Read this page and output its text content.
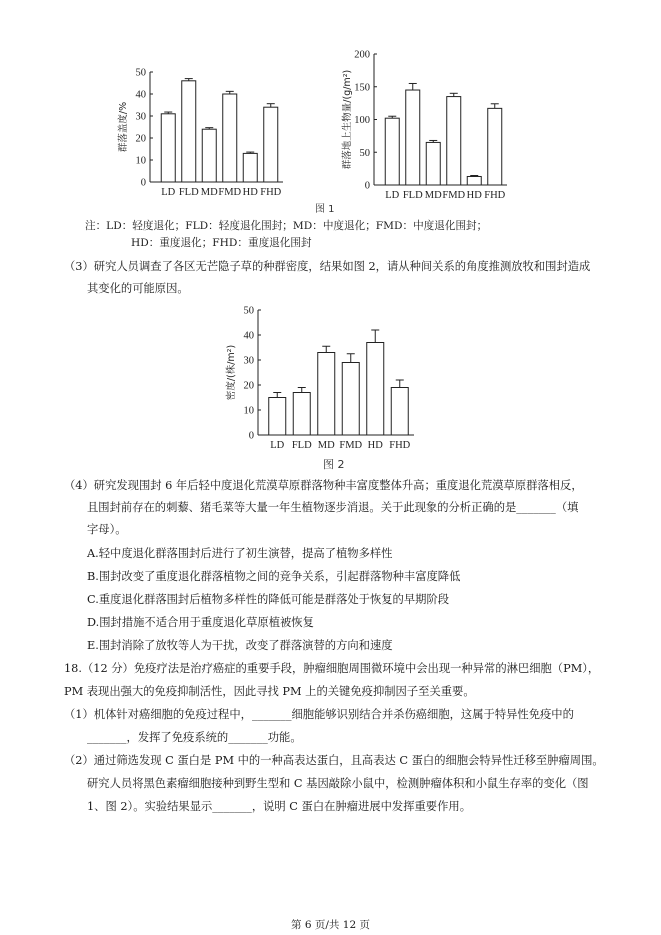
0
10
20
30
40
50
LD FLD MD FMD HD FHD
群落盖度/%
0
50
100
150
200
LD FLD MD FMD HD FHD
群落地上生物量/(g/m²)
图 1
注：LD：轻度退化；FLD：轻度退化围封；MD：中度退化；FMD：中度退化围封；
HD：重度退化；FHD：重度退化围封
（3）研究人员调查了各区无芒隐子草的种群密度，结果如图 2，请从种间关系的角度推测放牧和围封造成
其变化的可能原因。
0
10
20
30
40
50
LD FLD MD FMD HD FHD
密度/(株/m²)
图 2
（4）研究发现围封 6 年后轻中度退化荒漠草原群落物种丰富度整体升高；重度退化荒漠草原群落相反，
且围封前存在的刺藜、猪毛菜等大量一年生植物逐步消退。关于此现象的分析正确的是_______（填
字母）。
A.轻中度退化群落围封后进行了初生演替，提高了植物多样性
B.围封改变了重度退化群落植物之间的竞争关系，引起群落物种丰富度降低
C.重度退化群落围封后植物多样性的降低可能是群落处于恢复的早期阶段
D.围封措施不适合用于重度退化草原植被恢复
E.围封消除了放牧等人为干扰，改变了群落演替的方向和速度
18.（12 分）免疫疗法是治疗癌症的重要手段，肿瘤细胞周围微环境中会出现一种异常的淋巴细胞（PM），
PM 表现出强大的免疫抑制活性，因此寻找 PM 上的关键免疫抑制因子至关重要。
（1）机体针对癌细胞的免疫过程中，_______细胞能够识别结合并杀伤癌细胞，这属于特异性免疫中的
_______，发挥了免疫系统的_______功能。
（2）通过筛选发现 C 蛋白是 PM 中的一种高表达蛋白，且高表达 C 蛋白的细胞会特异性迁移至肿瘤周围。
研究人员将黑色素瘤细胞接种到野生型和 C 基因敲除小鼠中，检测肿瘤体积和小鼠生存率的变化（图
1、图 2）。实验结果显示_______，说明 C 蛋白在肿瘤进展中发挥重要作用。
第 6 页/共 12 页
